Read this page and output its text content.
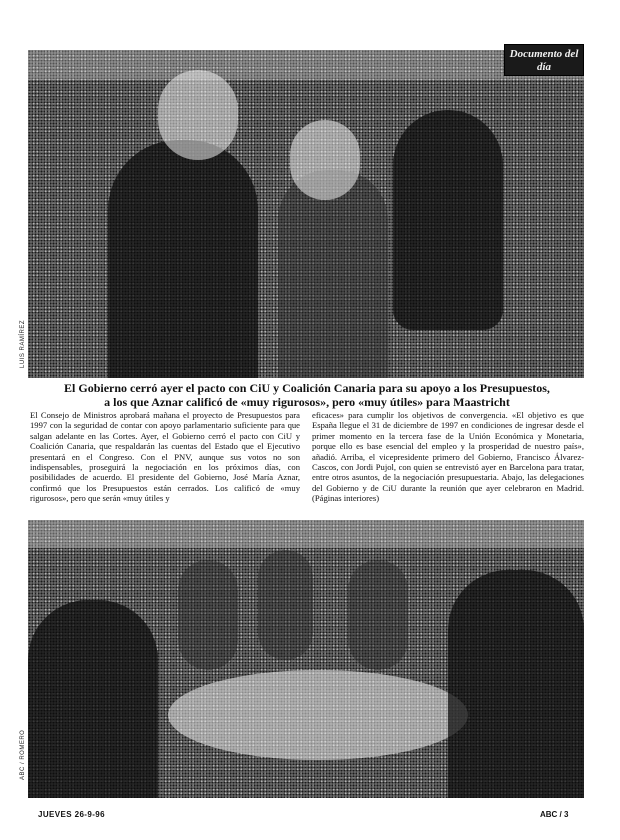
LUIS RAMÍREZ
Documento del día
El Gobierno cerró ayer el pacto con CiU y Coalición Canaria para su apoyo a los Presupuestos,
a los que Aznar calificó de «muy rigurosos», pero «muy útiles» para Maastricht
El Consejo de Ministros aprobará mañana el proyecto de Presupuestos para 1997 con la seguridad de contar con apoyo parlamentario suficiente para que salgan adelante en las Cortes. Ayer, el Gobierno cerró el pacto con CiU y Coalición Canaria, que respaldarán las cuentas del Estado que el Ejecutivo presentará en el Congreso. Con el PNV, aunque sus votos no son indispensables, proseguirá la negociación en los próximos días, con posibilidades de acuerdo. El presidente del Gobierno, José María Aznar, confirmó que los Presupuestos están cerrados. Los calificó de «muy rigurosos», pero que serán «muy útiles y
eficaces» para cumplir los objetivos de convergencia. «El objetivo es que España llegue el 31 de diciembre de 1997 en condiciones de ingresar desde el primer momento en la tercera fase de la Unión Económica y Monetaria, porque ello es base esencial del empleo y la prosperidad de nuestro país», añadió. Arriba, el vicepresidente primero del Gobierno, Francisco Álvarez-Cascos, con Jordi Pujol, con quien se entrevistó ayer en Barcelona para tratar, entre otros asuntos, de la negociación presupuestaria. Abajo, las delegaciones del Gobierno y de CiU durante la reunión que ayer celebraron en Madrid. (Páginas interiores)
ABC / ROMERO
JUEVES 26-9-96	ABC / 3
